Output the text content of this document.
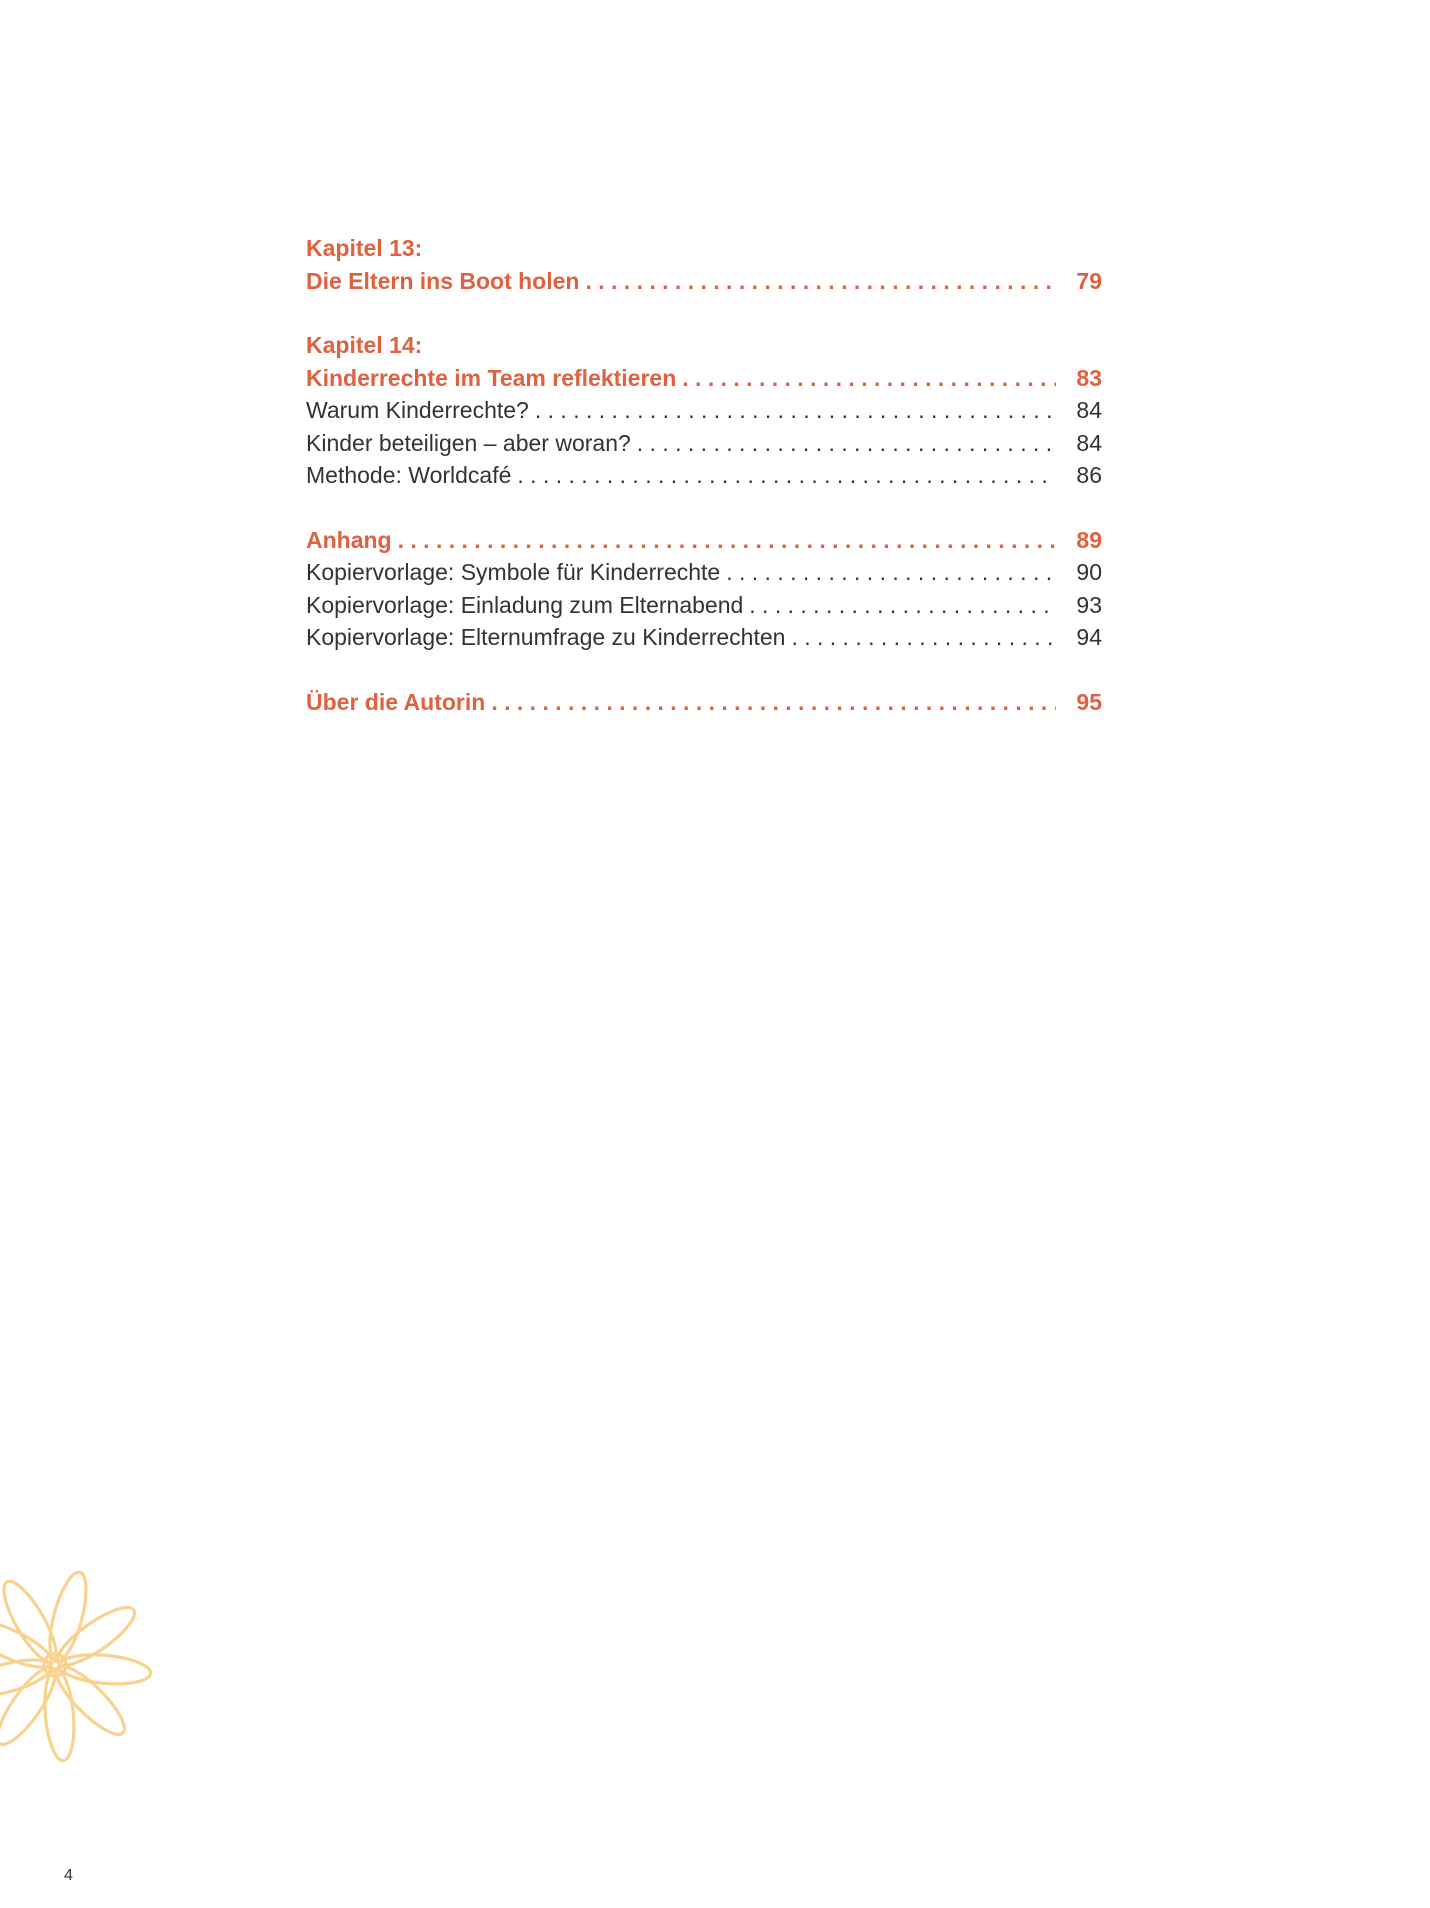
Kapitel 13:
Die Eltern ins Boot holen . . .	79
Kapitel 14:
Kinderrechte im Team reflektieren . . .	83
Warum Kinderrechte? . . .	84
Kinder beteiligen – aber woran? . . .	84
Methode: Worldcafé . . .	86
Anhang . . .	89
Kopiervorlage: Symbole für Kinderrechte . . .	90
Kopiervorlage: Einladung zum Elternabend . . .	93
Kopiervorlage: Elternumfrage zu Kinderrechten . . .	94
Über die Autorin . . .	95
4
